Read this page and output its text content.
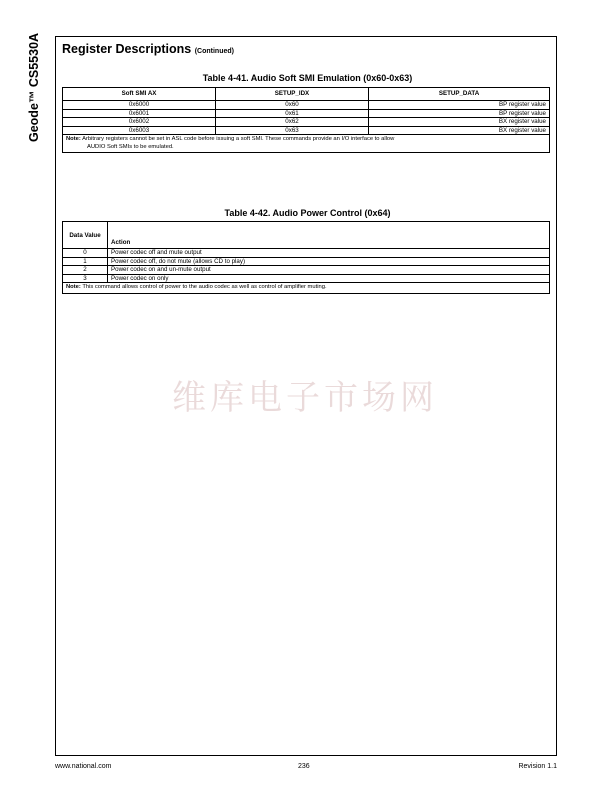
Geode™ CS5530A Register Descriptions (Continued)
Table 4-41. Audio Soft SMI Emulation (0x60-0x63)
Soft SMI AX	SETUP_IDX	SETUP_DATA
0x6000	0x60	BP register value
0x6001	0x61	BP register value
0x6002	0x62	BX register value
0x6003	0x63	BX register value
Note: Arbitrary registers cannot be set in ASL code before issuing a soft SMI. These commands provide an I/O interface to allow
AUDIO Soft SMIs to be emulated.		
Table 4-42. Audio Power Control (0x64)
Data Value	Action
0	Power codec off and mute output
1	Power codec off, do not mute (allows CD to play)
2	Power codec on and un-mute output
3	Power codec on only
Note: This command allows control of power to the audio codec as well as control of amplifier muting.	
维库电子市场网
www.national.com	236	Revision 1.1
